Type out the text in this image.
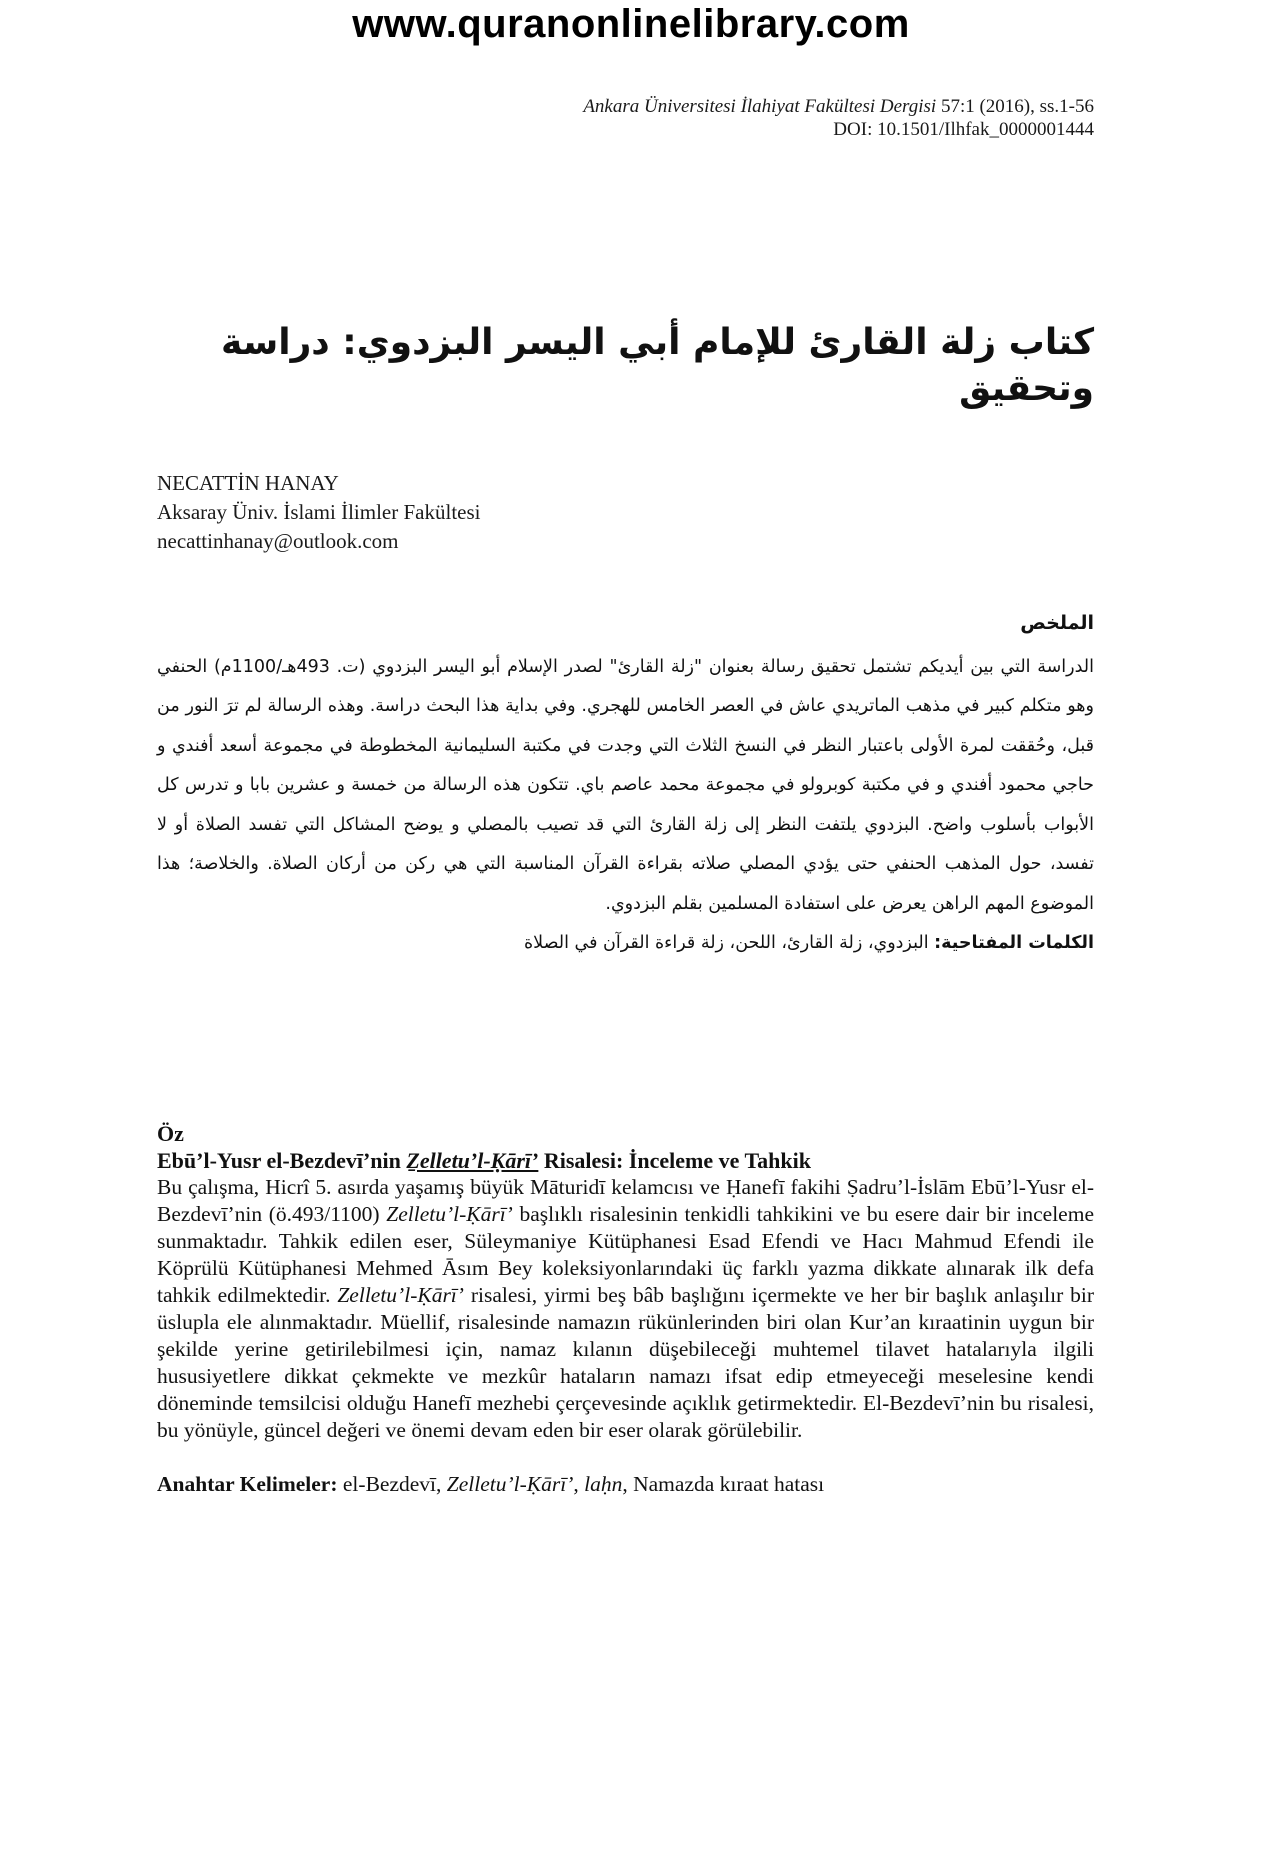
www.quranonlinelibrary.com
Ankara Üniversitesi İlahiyat Fakültesi Dergisi 57:1 (2016), ss.1-56
DOI: 10.1501/Ilhfak_0000001444
كتاب زلة القارئ للإمام أبي اليسر البزدوي: دراسة وتحقيق
NECATTİN HANAY
Aksaray Üniv. İslami İlimler Fakültesi
necattinhanay@outlook.com
الملخص
الدراسة التي بين أيديكم تشتمل تحقيق رسالة بعنوان "زلة القارئ" لصدر الإسلام أبو اليسر البزدوي (ت. 493هـ/1100م) الحنفي وهو متكلم كبير في مذهب الماتريدي عاش في العصر الخامس للهجري. وفي بداية هذا البحث دراسة. وهذه الرسالة لم ترَ النور من قبل، وحُققت لمرة الأولى باعتبار النظر في النسخ الثلاث التي وجدت في مكتبة السليمانية المخطوطة في مجموعة أسعد أفندي و حاجي محمود أفندي و في مكتبة كوبرولو في مجموعة محمد عاصم باي. تتكون هذه الرسالة من خمسة و عشرين بابا و تدرس كل الأبواب بأسلوب واضح. البزدوي يلتفت النظر إلى زلة القارئ التي قد تصيب بالمصلي و يوضح المشاكل التي تفسد الصلاة أو لا تفسد، حول المذهب الحنفي حتى يؤدي المصلي صلاته بقراءة القرآن المناسبة التي هي ركن من أركان الصلاة. والخلاصة؛ هذا الموضوع المهم الراهن يعرض على استفادة المسلمين بقلم البزدوي.
الكلمات المفتاحية: البزدوي، زلة القارئ، اللحن، زلة قراءة القرآن في الصلاة
Öz
Ebū’l-Yusr el-Bezdevī’nin Ẕelletu’l-Ḳārī’ Risalesi: İnceleme ve Tahkik
Bu çalışma, Hicrî 5. asırda yaşamış büyük Māturidī kelamcısı ve Ḥanefī fakihi Ṣadru’l-İslām Ebū’l-Yusr el-Bezdevī’nin (ö.493/1100) Zelletu’l-Ḳārī’ başlıklı risalesinin tenkidli tahkikini ve bu esere dair bir inceleme sunmaktadır. Tahkik edilen eser, Süleymaniye Kütüphanesi Esad Efendi ve Hacı Mahmud Efendi ile Köprülü Kütüphanesi Mehmed Āsım Bey koleksiyonlarındaki üç farklı yazma dikkate alınarak ilk defa tahkik edilmektedir. Zelletu’l-Ḳārī’ risalesi, yirmi beş bâb başlığını içermekte ve her bir başlık anlaşılır bir üslupla ele alınmaktadır. Müellif, risalesinde namazın rükünlerinden biri olan Kur’an kıraatinin uygun bir şekilde yerine getirilebilmesi için, namaz kılanın düşebileceği muhtemel tilavet hatalarıyla ilgili hususiyetlere dikkat çekmekte ve mezkûr hataların namazı ifsat edip etmeyeceği meselesine kendi döneminde temsilcisi olduğu Hanefī mezhebi çerçevesinde açıklık getirmektedir. El-Bezdevī’nin bu risalesi, bu yönüyle, güncel değeri ve önemi devam eden bir eser olarak görülebilir.
Anahtar Kelimeler: el-Bezdevī, Zelletu’l-Ḳārī’, laḥn, Namazda kıraat hatası
